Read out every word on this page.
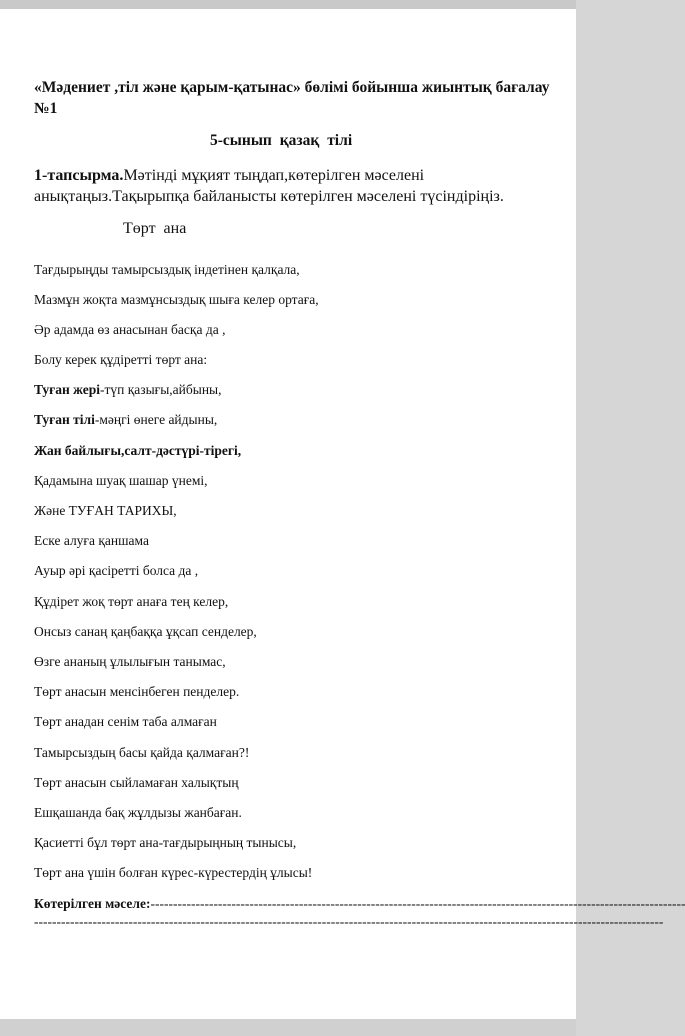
«Мәдениет ,тіл және қарым-қатынас» бөлімі бойынша жиынтық бағалау
№1
5-сынып қазақ тілі
1-тапсырма.Мәтінді мұқият тыңдап,көтерілген мәселені
анықтаңыз.Тақырыпқа байланысты көтерілген мәселені түсіндіріңіз.
Төрт ана
Тағдырыңды тамырсыздық індетінен қалқала,
Мазмұн жоқта мазмұнсыздық шыға келер ортаға,
Әр адамда өз анасынан басқа да ,
Болу керек құдіретті төрт ана:
Туған жері-түп қазығы,айбыны,
Туған тілі-мәңгі өнеге айдыны,
Жан байлығы,салт-дәстүрі-тірегі,
Қадамына шуақ шашар үнемі,
Және ТУҒАН ТАРИХЫ,
Еске алуға қаншама
Ауыр әрі қасіретті болса да ,
Құдірет жоқ төрт анаға тең келер,
Онсыз санаң қаңбаққа ұқсап сенделер,
Өзге ананың ұлылығын танымас,
Төрт анасын менсінбеген пенделер.
Төрт анадан сенім таба алмаған
Тамырсыздың басы қайда қалмаған?!
Төрт анасын сыйламаған халықтың
Ешқашанда бақ жұлдызы жанбаған.
Қасиетті бұл төрт ана-тағдырыңның тынысы,
Төрт ана үшін болған күрес-күрестердің ұлысы!
Көтерілген мәселе:-----------------------------------------------------------------------------------------------------------------------
--------------------------------------------------------------------------------------------------------------------------------------------
